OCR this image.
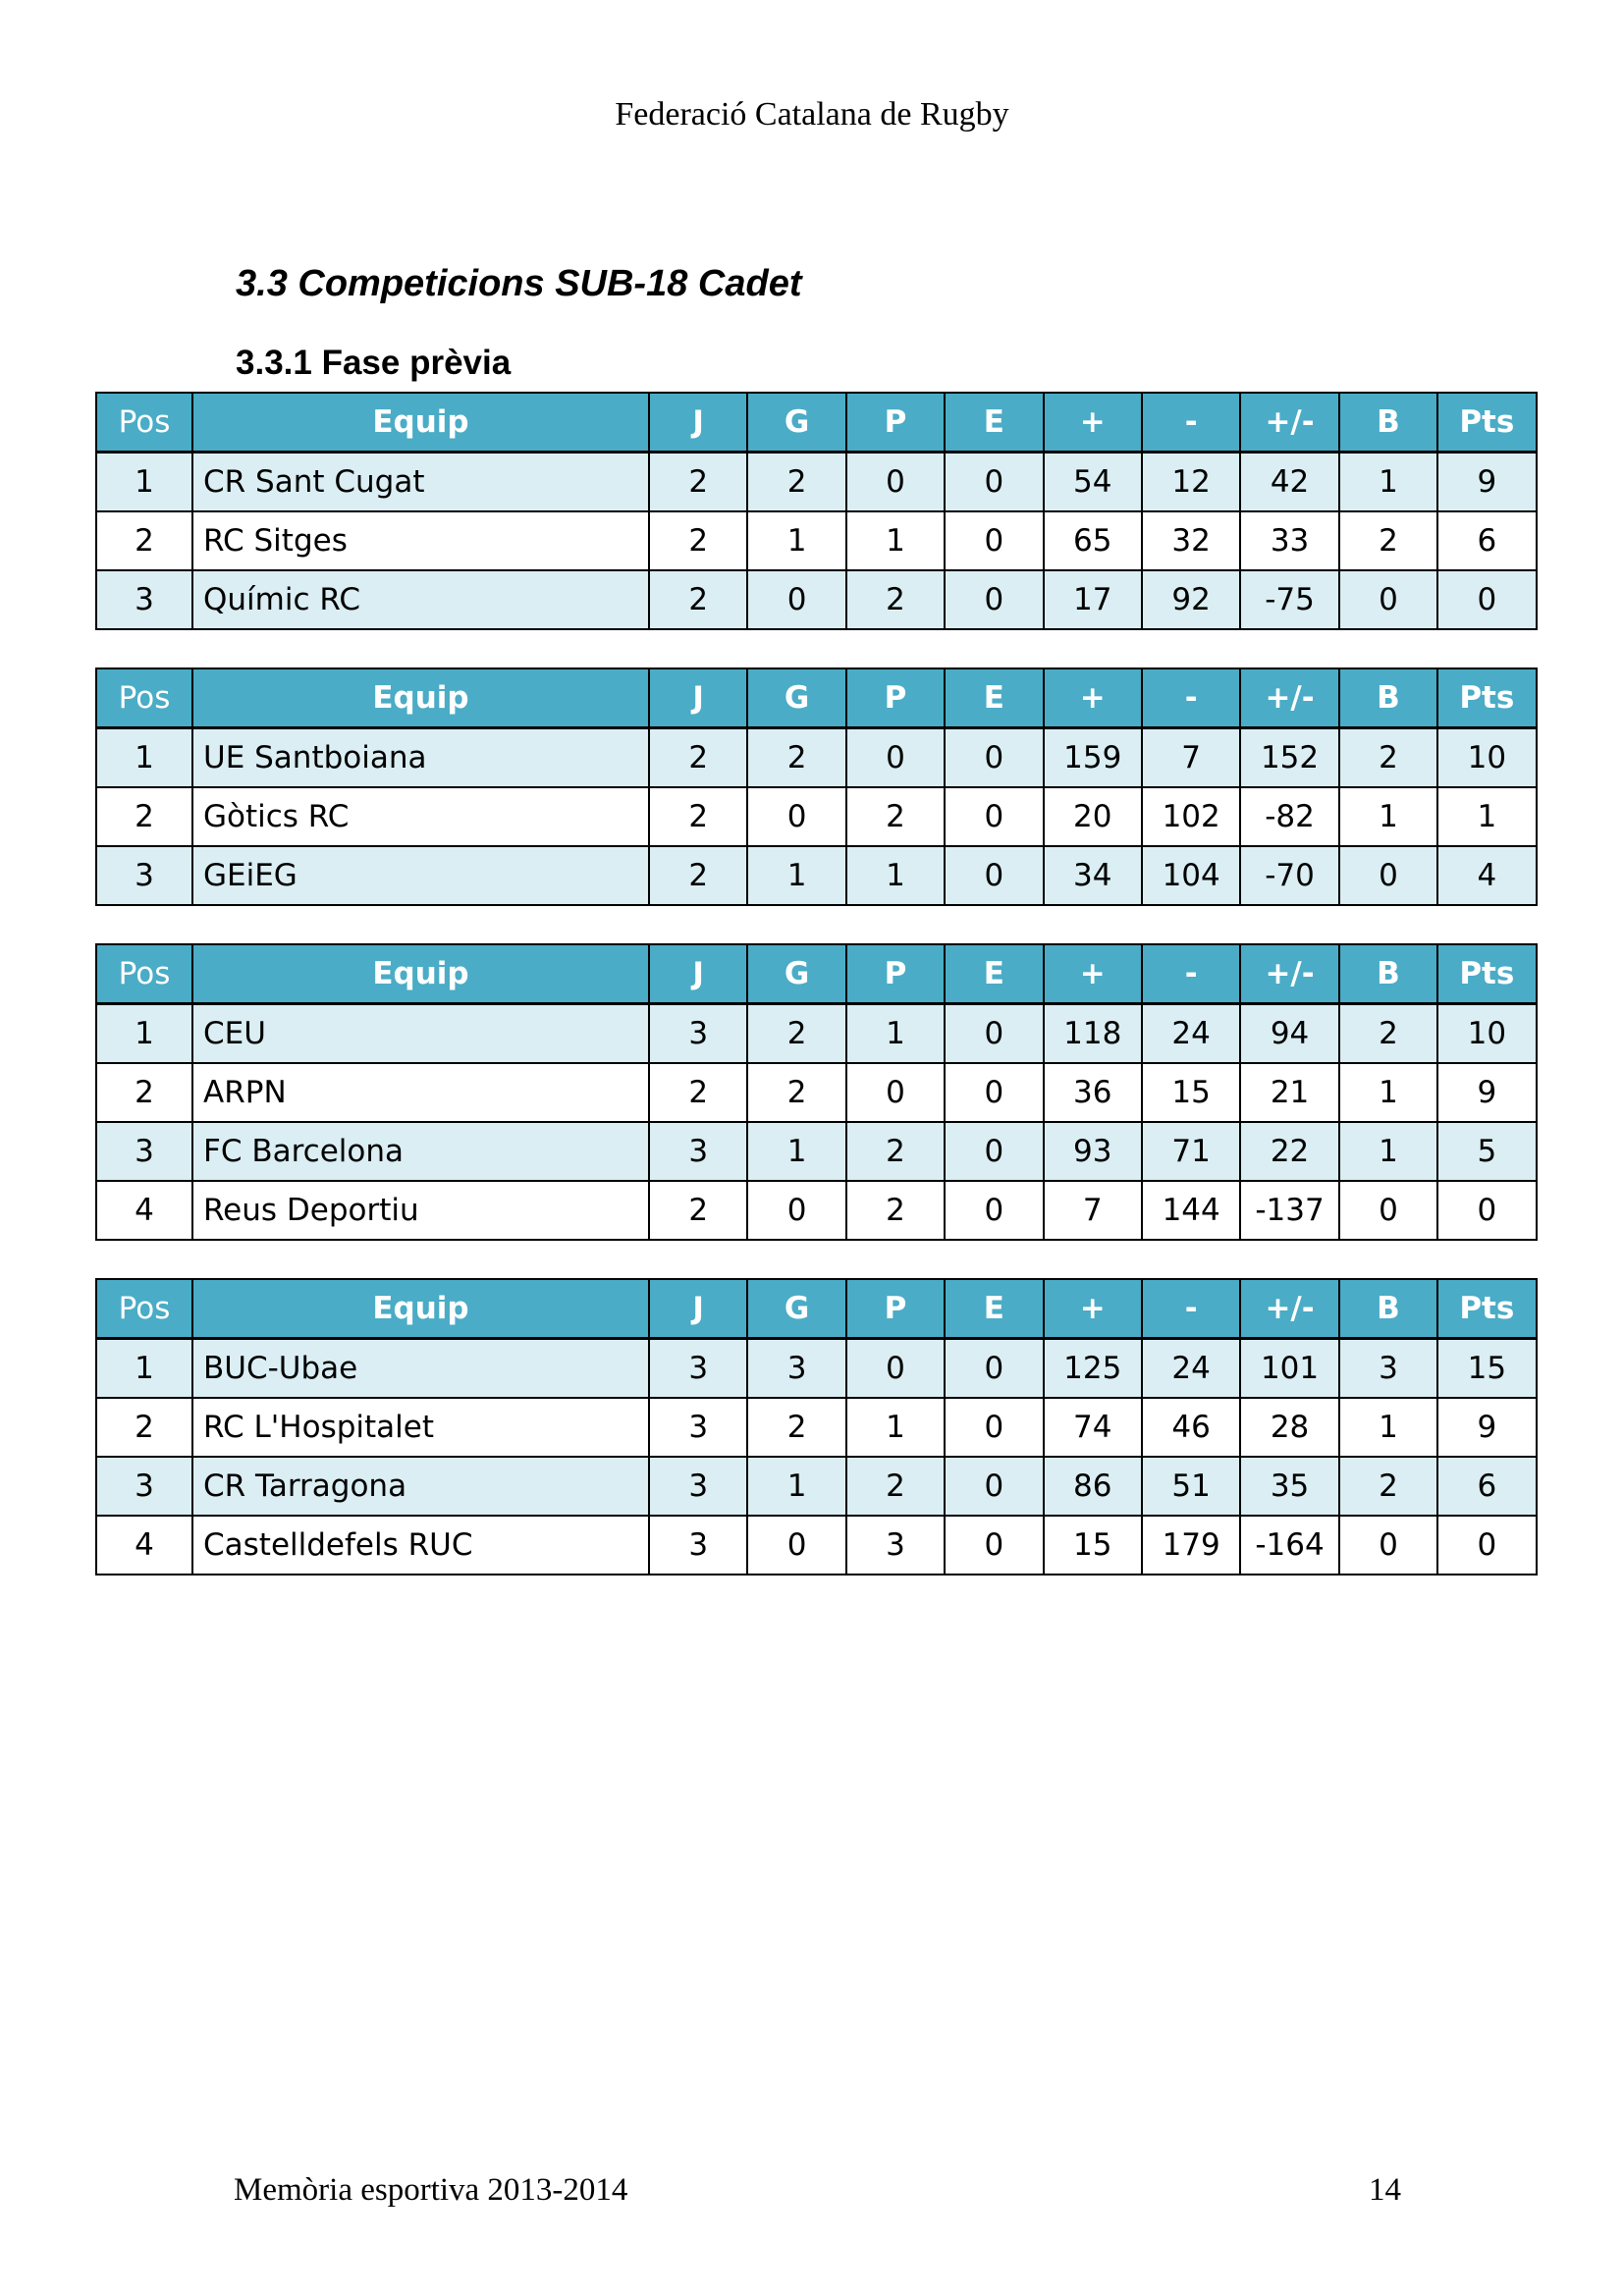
Federació Catalana de Rugby
3.3 Competicions SUB-18 Cadet
3.3.1 Fase prèvia
Pos	Equip	J	G	P	E	+	-	+/-	B	Pts
1	CR Sant Cugat	2	2	0	0	54	12	42	1	9
2	RC Sitges	2	1	1	0	65	32	33	2	6
3	Químic RC	2	0	2	0	17	92	-75	0	0
Pos	Equip	J	G	P	E	+	-	+/-	B	Pts
1	UE Santboiana	2	2	0	0	159	7	152	2	10
2	Gòtics RC	2	0	2	0	20	102	-82	1	1
3	GEiEG	2	1	1	0	34	104	-70	0	4
Pos	Equip	J	G	P	E	+	-	+/-	B	Pts
1	CEU	3	2	1	0	118	24	94	2	10
2	ARPN	2	2	0	0	36	15	21	1	9
3	FC Barcelona	3	1	2	0	93	71	22	1	5
4	Reus Deportiu	2	0	2	0	7	144	-137	0	0
Pos	Equip	J	G	P	E	+	-	+/-	B	Pts
1	BUC-Ubae	3	3	0	0	125	24	101	3	15
2	RC L'Hospitalet	3	2	1	0	74	46	28	1	9
3	CR Tarragona	3	1	2	0	86	51	35	2	6
4	Castelldefels RUC	3	0	3	0	15	179	-164	0	0
Memòria esportiva 2013-2014	14
